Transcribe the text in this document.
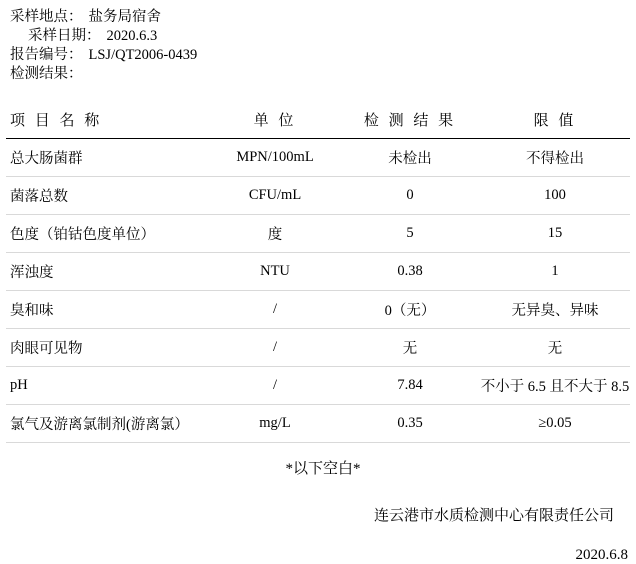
采样地点： 盐务局宿舍
采样日期： 2020.6.3
报告编号： LSJ/QT2006-0439
检测结果：
项 目 名 称	单 位	检 测 结 果	限 值
总大肠菌群	MPN/100mL	未检出	不得检出
菌落总数	CFU/mL	0	100
色度（铂钴色度单位）	度	5	15
浑浊度	NTU	0.38	1
臭和味	/	0（无）	无异臭、异味
肉眼可见物	/	无	无
pH	/	7.84	不小于 6.5 且不大于 8.5
氯气及游离氯制剂(游离氯）	mg/L	0.35	≥0.05
*以下空白*
连云港市水质检测中心有限责任公司
2020.6.8
